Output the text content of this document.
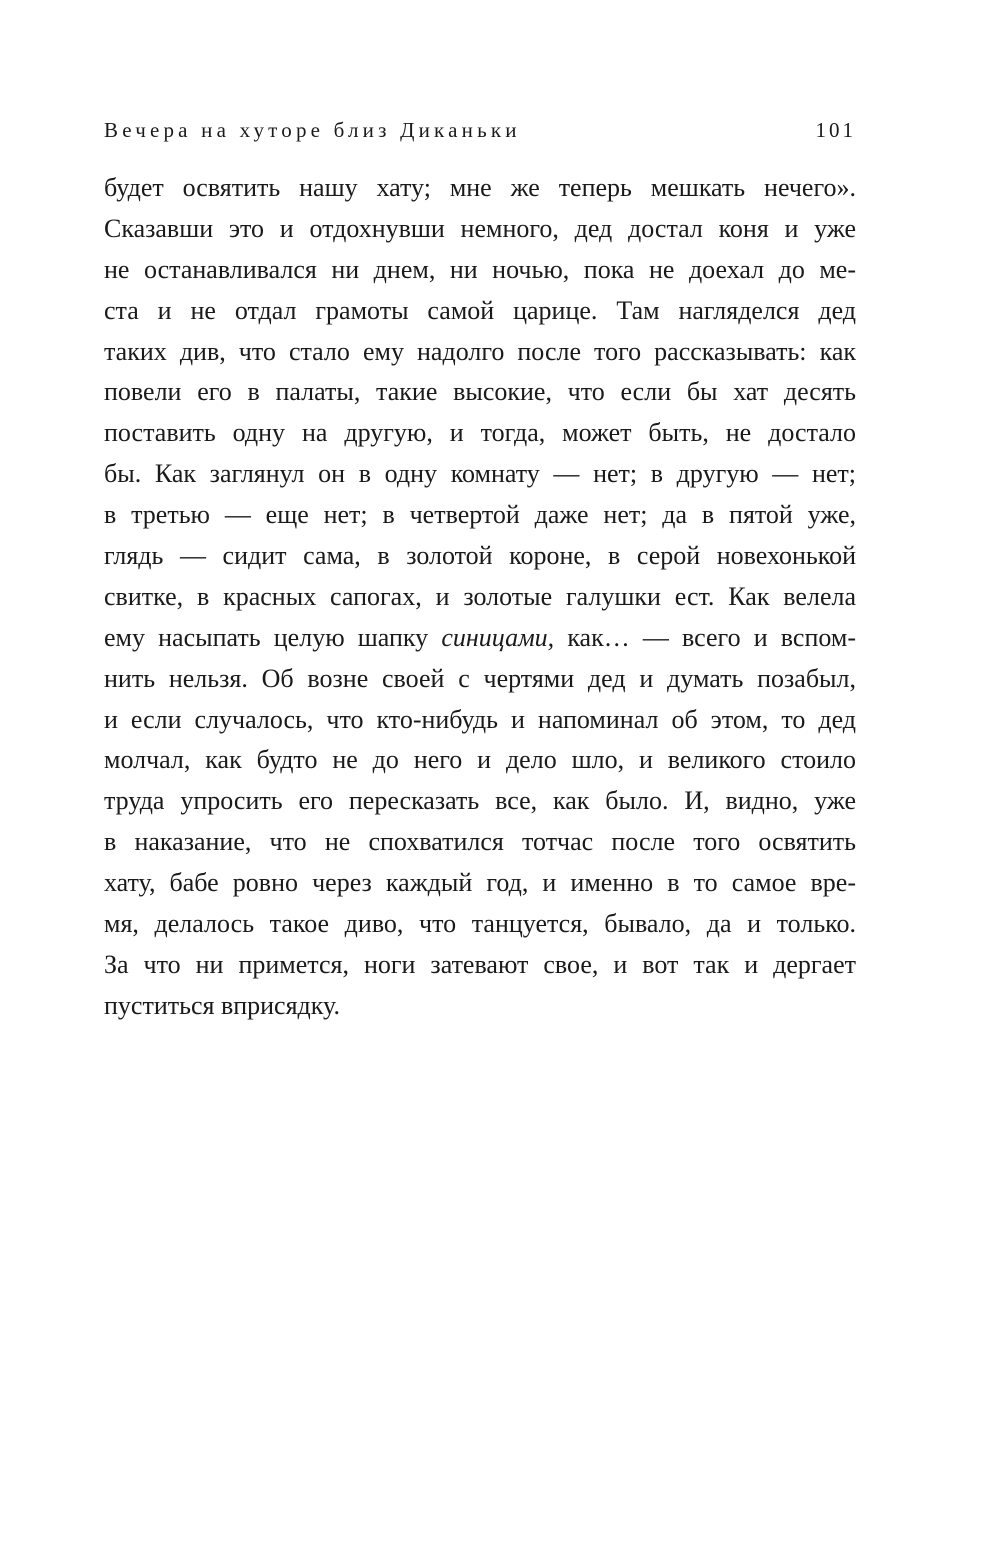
Вечера на хуторе близ Диканьки	101
будет освятить нашу хату; мне же теперь мешкать нечего».
Сказавши это и отдохнувши немного, дед достал коня и уже
не останавливался ни днем, ни ночью, пока не доехал до ме-
ста и не отдал грамоты самой царице. Там нагляделся дед
таких див, что стало ему надолго после того рассказывать: как
повели его в палаты, такие высокие, что если бы хат десять
поставить одну на другую, и тогда, может быть, не достало
бы. Как заглянул он в одну комнату — нет; в другую — нет;
в третью — еще нет; в четвертой даже нет; да в пятой уже,
глядь — сидит сама, в золотой короне, в серой новехонькой
свитке, в красных сапогах, и золотые галушки ест. Как велела
ему насыпать целую шапку синицами, как… — всего и вспом-
нить нельзя. Об возне своей с чертями дед и думать позабыл,
и если случалось, что кто-нибудь и напоминал об этом, то дед
молчал, как будто не до него и дело шло, и великого стоило
труда упросить его пересказать все, как было. И, видно, уже
в наказание, что не спохватился тотчас после того освятить
хату, бабе ровно через каждый год, и именно в то самое вре-
мя, делалось такое диво, что танцуется, бывало, да и только.
За что ни примется, ноги затевают свое, и вот так и дергает
пуститься вприсядку.
